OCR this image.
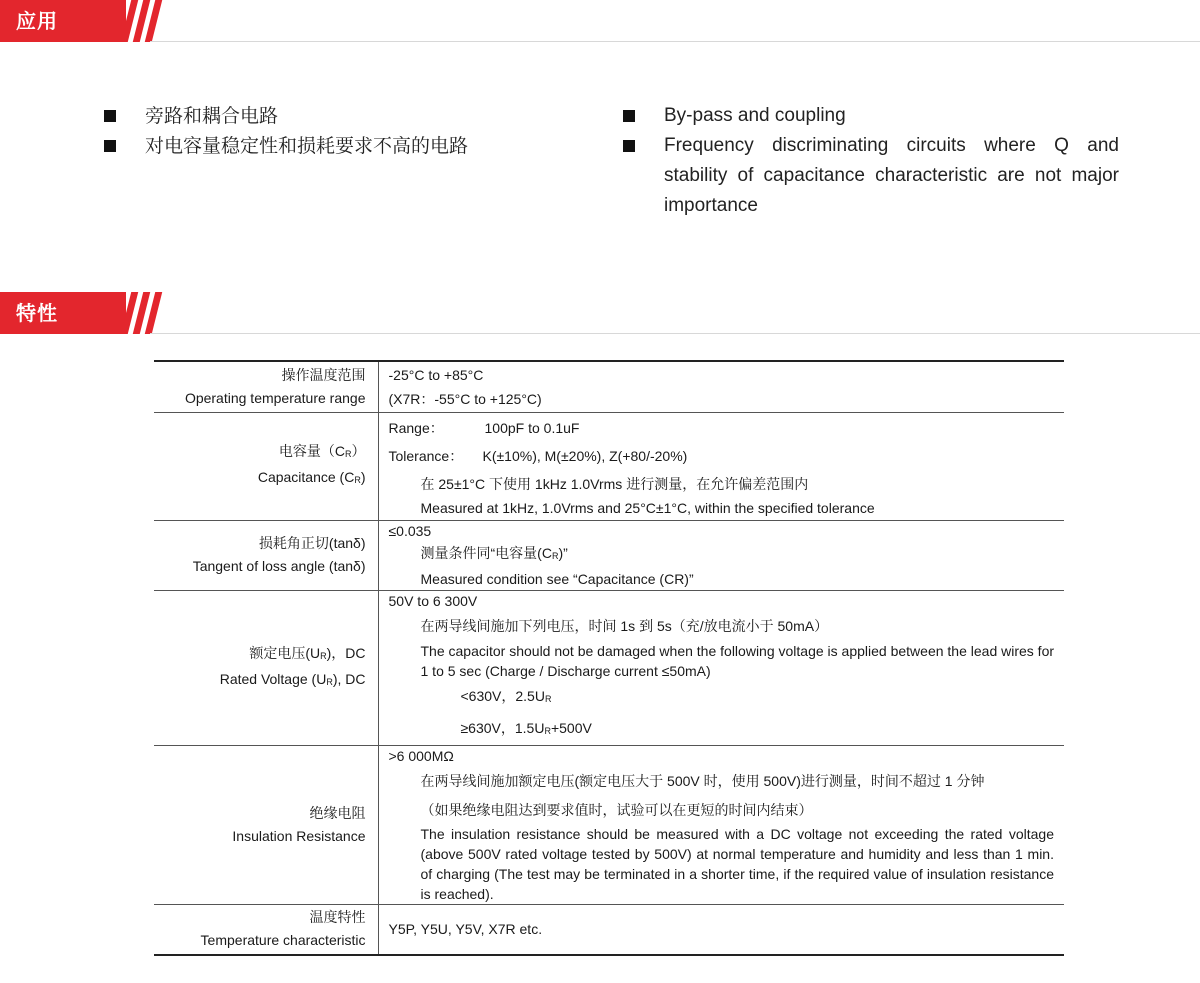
应用
旁路和耦合电路
对电容量稳定性和损耗要求不高的电路
By-pass and coupling
Frequency discriminating circuits where Q and stability of capacitance characteristic are not major importance
特性
操作温度范围
Operating temperature range	-25°C to +85°C
(X7R：-55°C to +125°C)

电容量$(C_R)$
Capacitance $(C_R)$	Range： 100pF to 0.1uF
Tolerance： K(±10%), M(±20%), Z(+80/-20%)
在 25±1°C 下使用 1kHz 1.0Vrms 进行测量，在允许偏差范围内
Measured at 1kHz, 1.0Vrms and 25°C±1°C, within the specified tolerance

损耗角正切(tanδ)
Tangent of loss angle (tanδ)	≤0.035
测量条件同“电容量$(C_R)$”
Measured condition see “Capacitance (CR)”

额定电压$(U_R)$，DC
Rated Voltage $(U_R)$, DC	50V to 6 300V
在两导线间施加下列电压，时间 1s 到 5s（充/放电流小于 50mA）
The capacitor should not be damaged when the following voltage is applied between the lead wires for 1 to 5 sec (Charge / Discharge current ≤50mA)
<630V，$2.5U_R$
≥630V，$1.5U_R+500V$

绝缘电阻
Insulation Resistance	>6 000MΩ
在两导线间施加额定电压(额定电压大于 500V 时，使用 500V)进行测量，时间不超过 1 分钟
（如果绝缘电阻达到要求值时，试验可以在更短的时间内结束）
The insulation resistance should be measured with a DC voltage not exceeding the rated voltage (above 500V rated voltage tested by 500V) at normal temperature and humidity and less than 1 min. of charging (The test may be terminated in a shorter time, if the required value of insulation resistance is reached).

温度特性
Temperature characteristic	Y5P, Y5U, Y5V, X7R etc.
